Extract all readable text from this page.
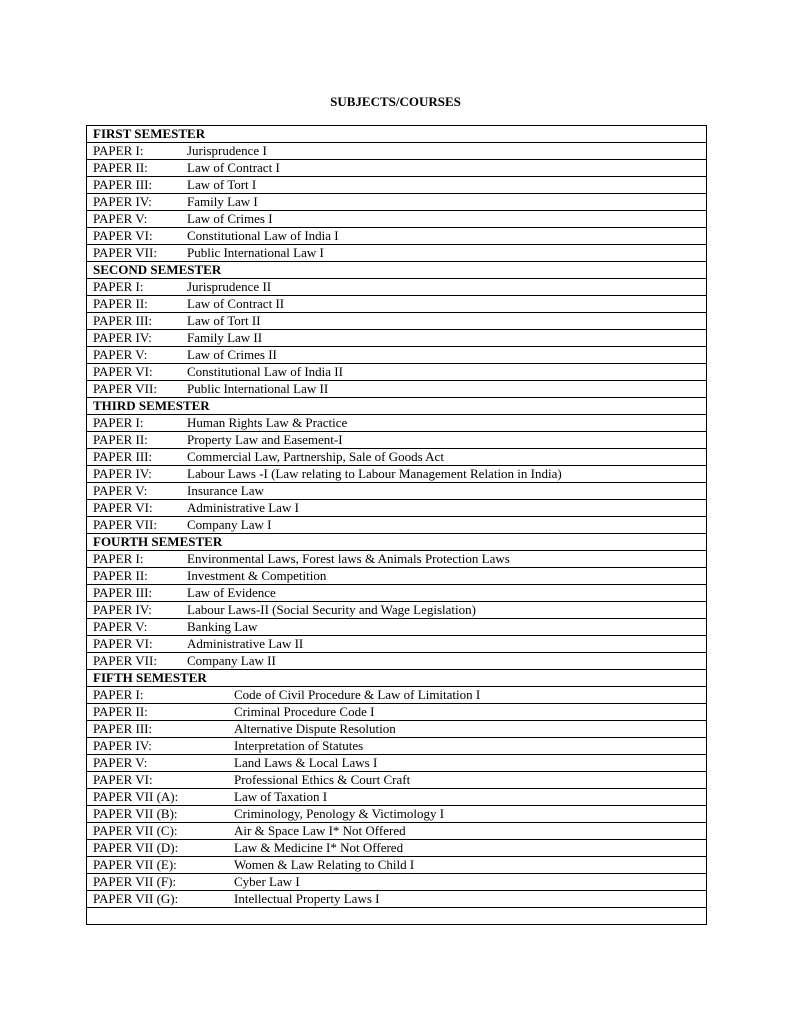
SUBJECTS/COURSES
FIRST SEMESTER

PAPER I:	Jurisprudence I

PAPER II:	Law of Contract I

PAPER III:	Law of Tort I

PAPER IV:	Family Law I

PAPER V:	Law of Crimes I

PAPER VI:	Constitutional Law of India I

PAPER VII: Public International Law I

SECOND SEMESTER

PAPER I:	Jurisprudence II

PAPER II:	Law of Contract II

PAPER III:	Law of Tort II

PAPER IV:	Family Law II

PAPER V:	Law of Crimes II

PAPER VI:	Constitutional Law of India II

PAPER VII: Public International Law II

THIRD SEMESTER

PAPER I:	Human Rights Law & Practice

PAPER II:	Property Law and Easement-I

PAPER III:	Commercial Law, Partnership, Sale of Goods Act

PAPER IV:	Labour Laws -I (Law relating to Labour Management Relation in India)

PAPER V:	Insurance Law

PAPER VI:	Administrative Law I

PAPER VII: Company Law I

FOURTH SEMESTER

PAPER I:	Environmental Laws, Forest laws & Animals Protection Laws

PAPER II:	Investment & Competition

PAPER III:	Law of Evidence

PAPER IV:	Labour Laws-II (Social Security and Wage Legislation)

PAPER V:	Banking Law

PAPER VI:	Administrative Law II

PAPER VII: Company Law II

FIFTH SEMESTER

PAPER I:	Code of Civil Procedure & Law of Limitation I

PAPER II:	Criminal Procedure Code I

PAPER III:	Alternative Dispute Resolution

PAPER IV:	Interpretation of Statutes

PAPER V:	Land Laws & Local Laws I

PAPER VI:	Professional Ethics & Court Craft

PAPER VII (A):	Law of Taxation I

PAPER VII (B):	Criminology, Penology & Victimology I

PAPER VII (C):	Air & Space Law I* Not Offered

PAPER VII (D):	Law & Medicine I* Not Offered

PAPER VII (E):	Women & Law Relating to Child I

PAPER VII (F):	Cyber Law I

PAPER VII (G):	Intellectual Property Laws I
